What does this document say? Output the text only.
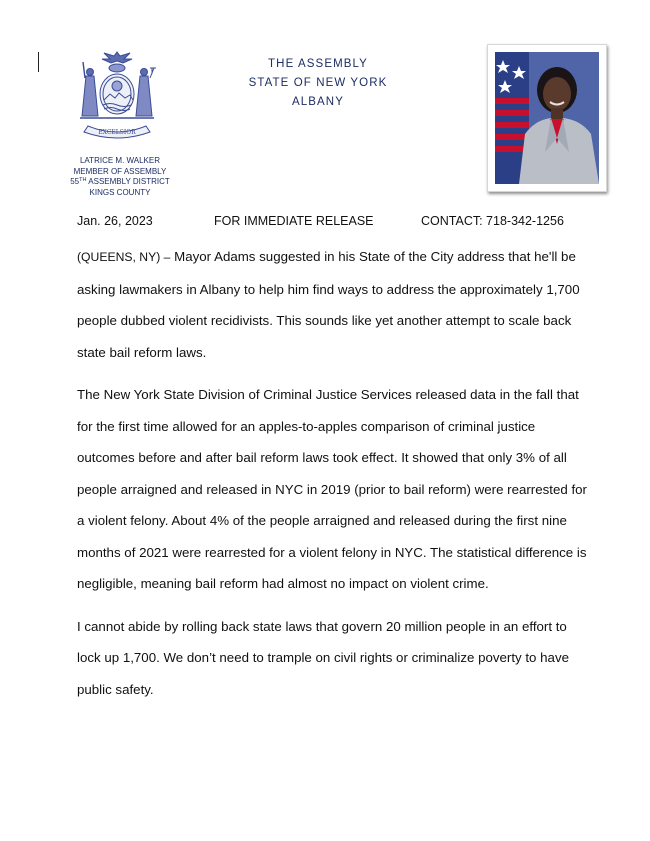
EXCELSIOR
LATRICE M. WALKER
MEMBER OF ASSEMBLY
55TH ASSEMBLY DISTRICT
KINGS COUNTY
THE ASSEMBLY
STATE OF NEW YORK
ALBANY
Jan. 26, 2023	FOR IMMEDIATE RELEASE	CONTACT: 718-342-1256

(QUEENS, NY) – Mayor Adams suggested in his State of the City address that he'll be asking lawmakers in Albany to help him find ways to address the approximately 1,700 people dubbed violent recidivists. This sounds like yet another attempt to scale back state bail reform laws.

The New York State Division of Criminal Justice Services released data in the fall that for the first time allowed for an apples-to-apples comparison of criminal justice outcomes before and after bail reform laws took effect. It showed that only 3% of all people arraigned and released in NYC in 2019 (prior to bail reform) were rearrested for a violent felony. About 4% of the people arraigned and released during the first nine months of 2021 were rearrested for a violent felony in NYC. The statistical difference is negligible, meaning bail reform had almost no impact on violent crime.

I cannot abide by rolling back state laws that govern 20 million people in an effort to lock up 1,700. We don’t need to trample on civil rights or criminalize poverty to have public safety.
